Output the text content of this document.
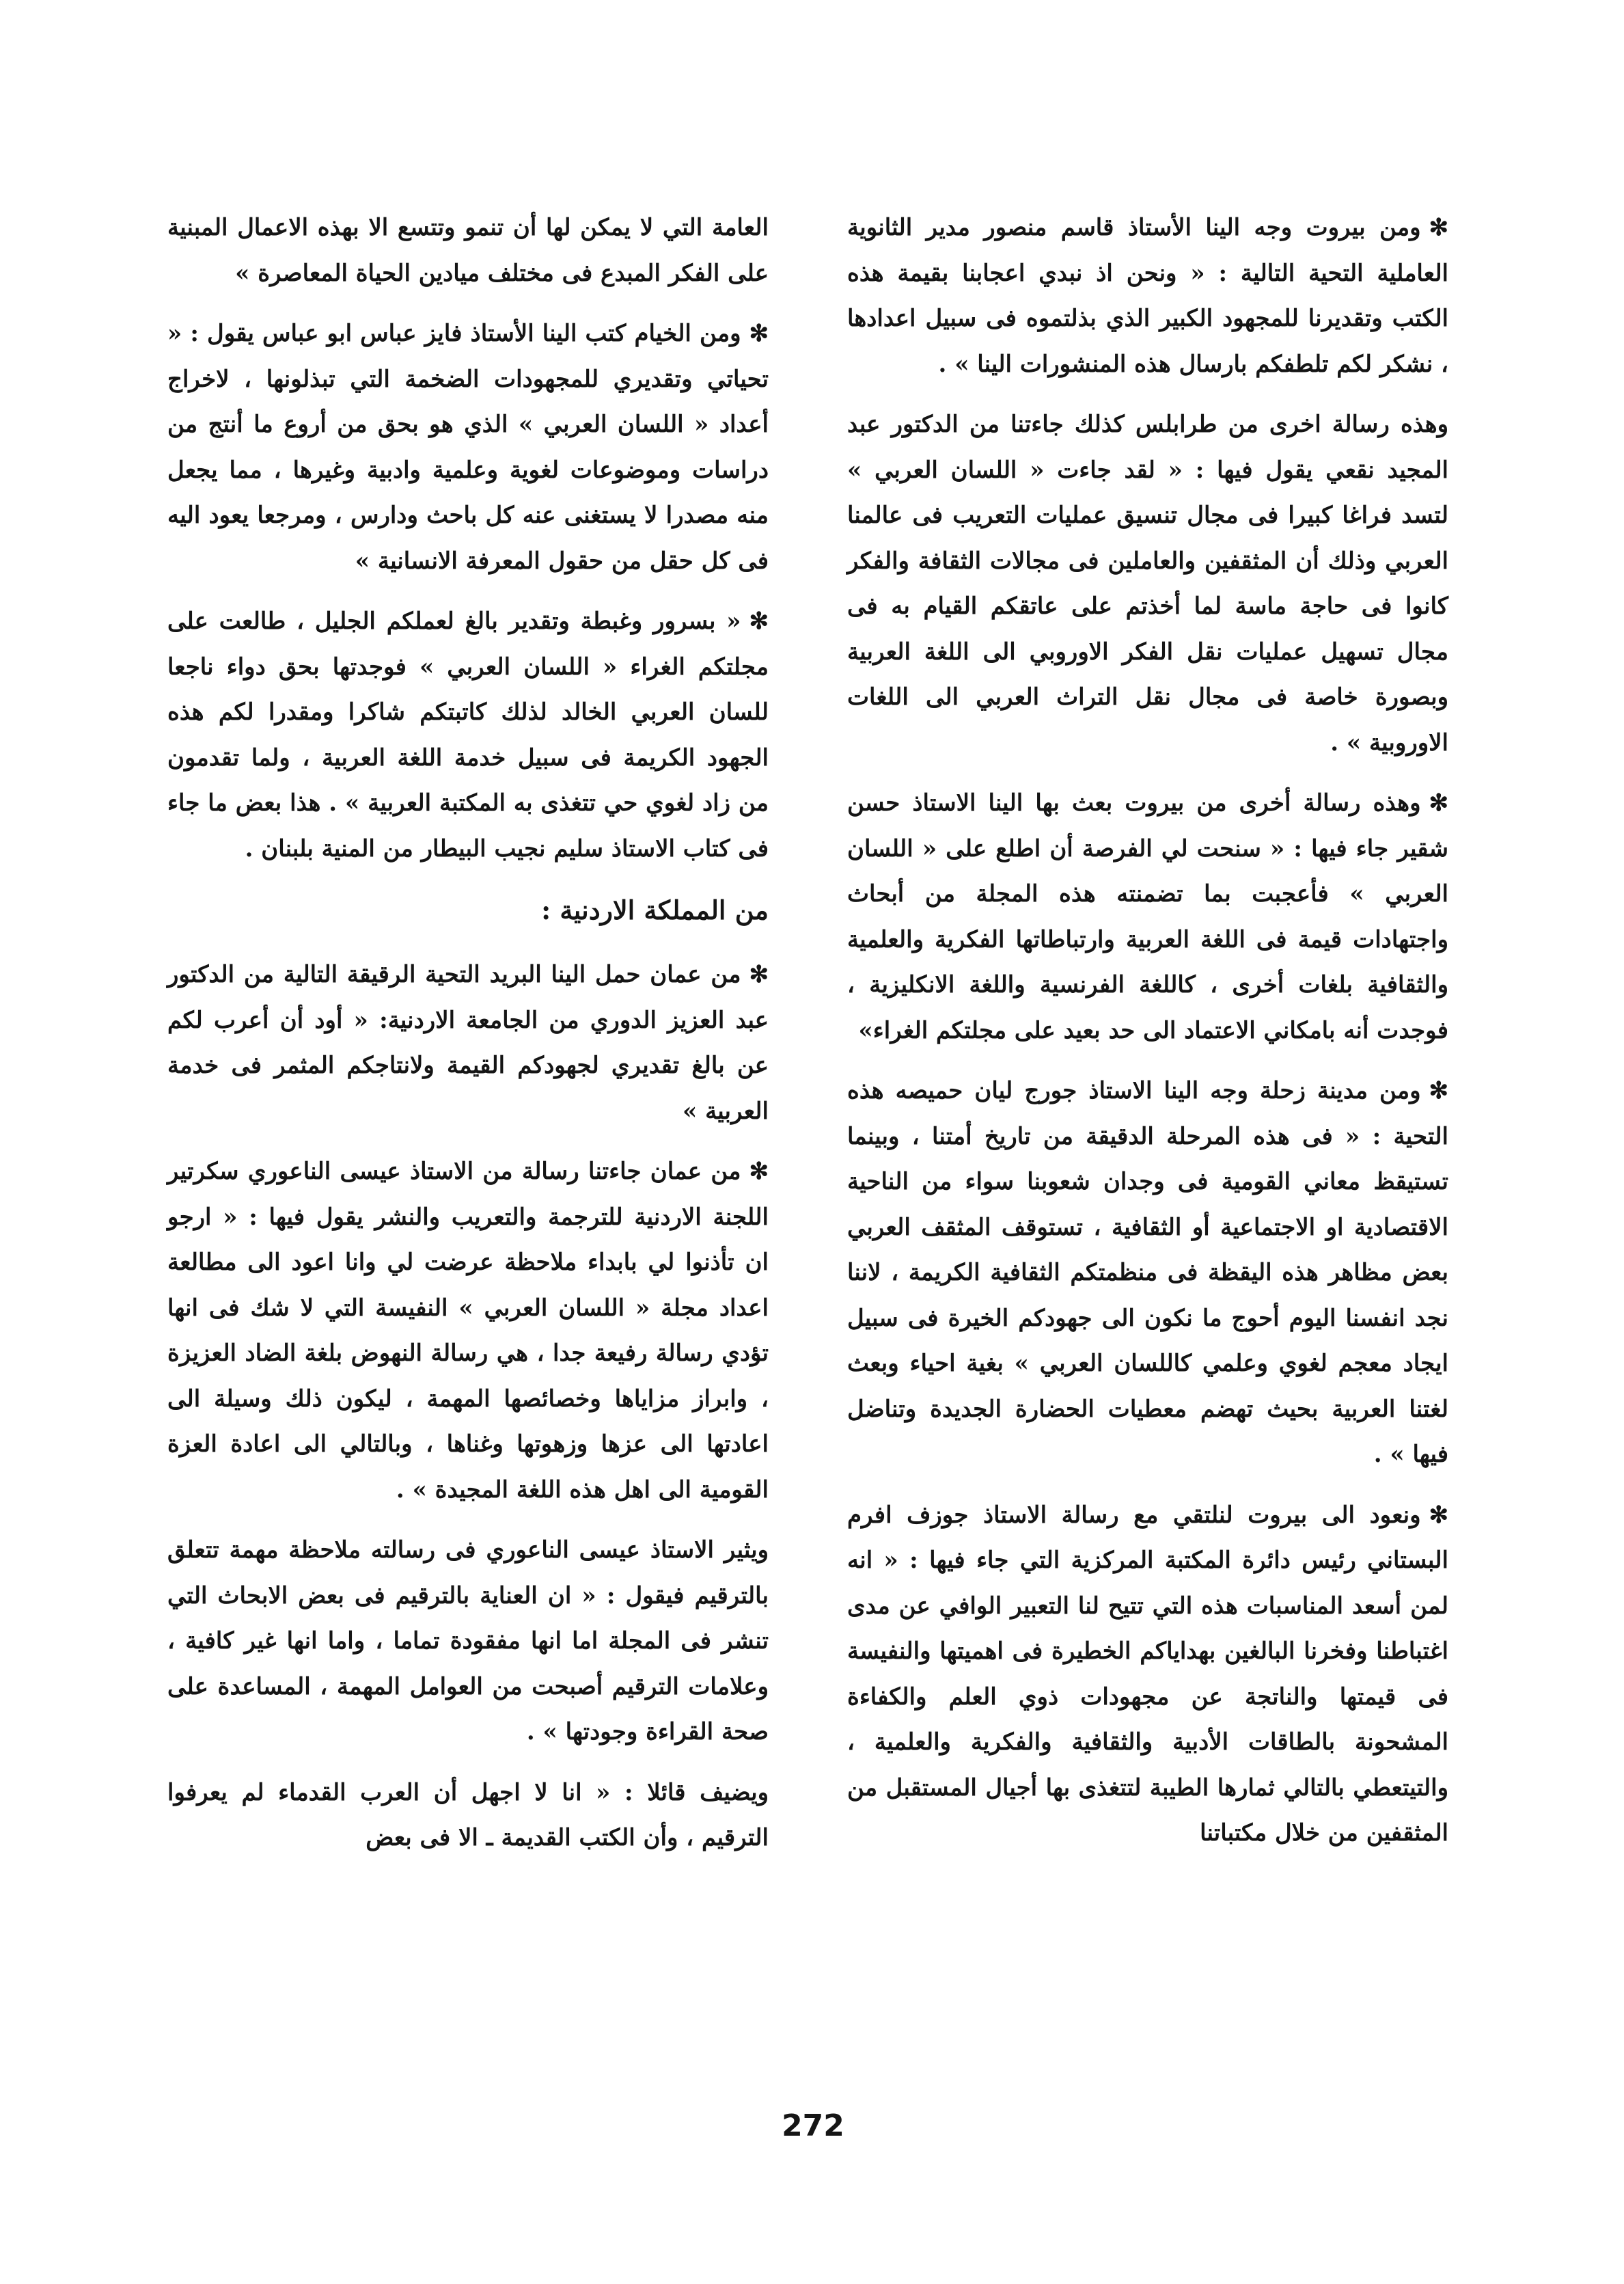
✻ومن بيروت وجه الينا الأستاذ قاسم منصور مدير الثانوية العاملية التحية التالية : « ونحن اذ نبدي اعجابنا بقيمة هذه الكتب وتقديرنا للمجهود الكبير الذي بذلتموه فى سبيل اعدادها ، نشكر لكم تلطفكم بارسال هذه المنشورات الينا » .

وهذه رسالة اخرى من طرابلس كذلك جاءتنا من الدكتور عبد المجيد نقعي يقول فيها : « لقد جاءت « اللسان العربي » لتسد فراغا كبيرا فى مجال تنسيق عمليات التعريب فى عالمنا العربي وذلك أن المثقفين والعاملين فى مجالات الثقافة والفكر كانوا فى حاجة ماسة لما أخذتم على عاتقكم القيام به فى مجال تسهيل عمليات نقل الفكر الاوروبي الى اللغة العربية وبصورة خاصة فى مجال نقل التراث العربي الى اللغات الاوروبية » .

✻وهذه رسالة أخرى من بيروت بعث بها الينا الاستاذ حسن شقير جاء فيها : « سنحت لي الفرصة أن اطلع على « اللسان العربي » فأعجبت بما تضمنته هذه المجلة من أبحاث واجتهادات قيمة فى اللغة العربية وارتباطاتها الفكرية والعلمية والثقافية بلغات أخرى ، كاللغة الفرنسية واللغة الانكليزية ، فوجدت أنه بامكاني الاعتماد الى حد بعيد على مجلتكم الغراء»

✻ومن مدينة زحلة وجه الينا الاستاذ جورج ليان حميصه هذه التحية : « فى هذه المرحلة الدقيقة من تاريخ أمتنا ، وبينما تستيقظ معاني القومية فى وجدان شعوبنا سواء من الناحية الاقتصادية او الاجتماعية أو الثقافية ، تستوقف المثقف العربي بعض مظاهر هذه اليقظة فى منظمتكم الثقافية الكريمة ، لاننا نجد انفسنا اليوم أحوج ما نكون الى جهودكم الخيرة فى سبيل ايجاد معجم لغوي وعلمي كاللسان العربي » بغية احياء وبعث لغتنا العربية بحيث تهضم معطيات الحضارة الجديدة وتناضل فيها » .

✻ونعود الى بيروت لنلتقي مع رسالة الاستاذ جوزف افرم البستاني رئيس دائرة المكتبة المركزية التي جاء فيها : « انه لمن أسعد المناسبات هذه التي تتيح لنا التعبير الوافي عن مدى اغتباطنا وفخرنا البالغين بهداياكم الخطيرة فى اهميتها والنفيسة فى قيمتها والناتجة عن مجهودات ذوي العلم والكفاءة المشحونة بالطاقات الأدبية والثقافية والفكرية والعلمية ، والتيتعطي بالتالي ثمارها الطيبة لتتغذى بها أجيال المستقبل من المثقفين من خلال مكتباتنا

العامة التي لا يمكن لها أن تنمو وتتسع الا بهذه الاعمال المبنية على الفكر المبدع فى مختلف ميادين الحياة المعاصرة »

✻ومن الخيام كتب الينا الأستاذ فايز عباس ابو عباس يقول : « تحياتي وتقديري للمجهودات الضخمة التي تبذلونها ، لاخراج أعداد « اللسان العربي » الذي هو بحق من أروع ما أنتج من دراسات وموضوعات لغوية وعلمية وادبية وغيرها ، مما يجعل منه مصدرا لا يستغنى عنه كل باحث ودارس ، ومرجعا يعود اليه فى كل حقل من حقول المعرفة الانسانية »

✻« بسرور وغبطة وتقدير بالغ لعملكم الجليل ، طالعت على مجلتكم الغراء « اللسان العربي » فوجدتها بحق دواء ناجعا للسان العربي الخالد لذلك كاتبتكم شاكرا ومقدرا لكم هذه الجهود الكريمة فى سبيل خدمة اللغة العربية ، ولما تقدمون من زاد لغوي حي تتغذى به المكتبة العربية » . هذا بعض ما جاء فى كتاب الاستاذ سليم نجيب البيطار من المنية بلبنان .

من المملكة الاردنية :

✻من عمان حمل الينا البريد التحية الرقيقة التالية من الدكتور عبد العزيز الدوري من الجامعة الاردنية: « أود أن أعرب لكم عن بالغ تقديري لجهودكم القيمة ولانتاجكم المثمر فى خدمة العربية »

✻من عمان جاءتنا رسالة من الاستاذ عيسى الناعوري سكرتير اللجنة الاردنية للترجمة والتعريب والنشر يقول فيها : « ارجو ان تأذنوا لي بابداء ملاحظة عرضت لي وانا اعود الى مطالعة اعداد مجلة « اللسان العربي » النفيسة التي لا شك فى انها تؤدي رسالة رفيعة جدا ، هي رسالة النهوض بلغة الضاد العزيزة ، وابراز مزاياها وخصائصها المهمة ، ليكون ذلك وسيلة الى اعادتها الى عزها وزهوتها وغناها ، وبالتالي الى اعادة العزة القومية الى اهل هذه اللغة المجيدة » .

ويثير الاستاذ عيسى الناعوري فى رسالته ملاحظة مهمة تتعلق بالترقيم فيقول : « ان العناية بالترقيم فى بعض الابحاث التي تنشر فى المجلة اما انها مفقودة تماما ، واما انها غير كافية ، وعلامات الترقيم أصبحت من العوامل المهمة ، المساعدة على صحة القراءة وجودتها » .

ويضيف قائلا : « انا لا اجهل أن العرب القدماء لم يعرفوا الترقيم ، وأن الكتب القديمة ـ الا فى بعض

272
